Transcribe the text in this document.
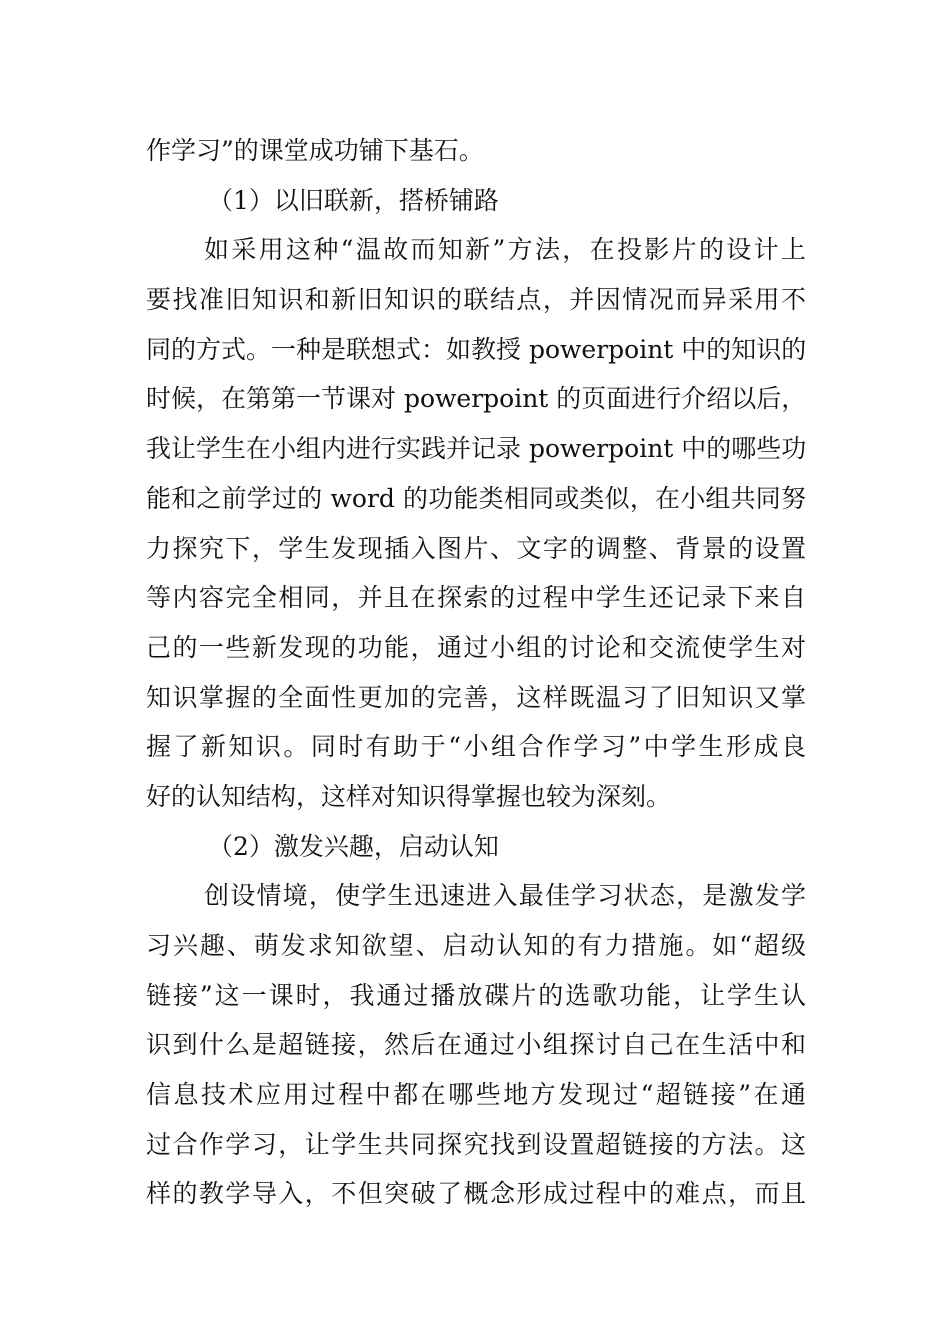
作学习”的课堂成功铺下基石。
（1）以旧联新，搭桥铺路
如采用这种“温故而知新”方法，在投影片的设计上
要找准旧知识和新旧知识的联结点，并因情况而异采用不
同的方式。一种是联想式：如教授 powerpoint 中的知识的
时候，在第第一节课对 powerpoint 的页面进行介绍以后，
我让学生在小组内进行实践并记录 powerpoint 中的哪些功
能和之前学过的 word 的功能类相同或类似，在小组共同努
力探究下，学生发现插入图片、文字的调整、背景的设置
等内容完全相同，并且在探索的过程中学生还记录下来自
己的一些新发现的功能，通过小组的讨论和交流使学生对
知识掌握的全面性更加的完善，这样既温习了旧知识又掌
握了新知识。同时有助于“小组合作学习”中学生形成良
好的认知结构，这样对知识得掌握也较为深刻。
（2）激发兴趣，启动认知
创设情境，使学生迅速进入最佳学习状态，是激发学
习兴趣、萌发求知欲望、启动认知的有力措施。如“超级
链接”这一课时，我通过播放碟片的选歌功能，让学生认
识到什么是超链接，然后在通过小组探讨自己在生活中和
信息技术应用过程中都在哪些地方发现过“超链接”在通
过合作学习，让学生共同探究找到设置超链接的方法。这
样的教学导入，不但突破了概念形成过程中的难点，而且
